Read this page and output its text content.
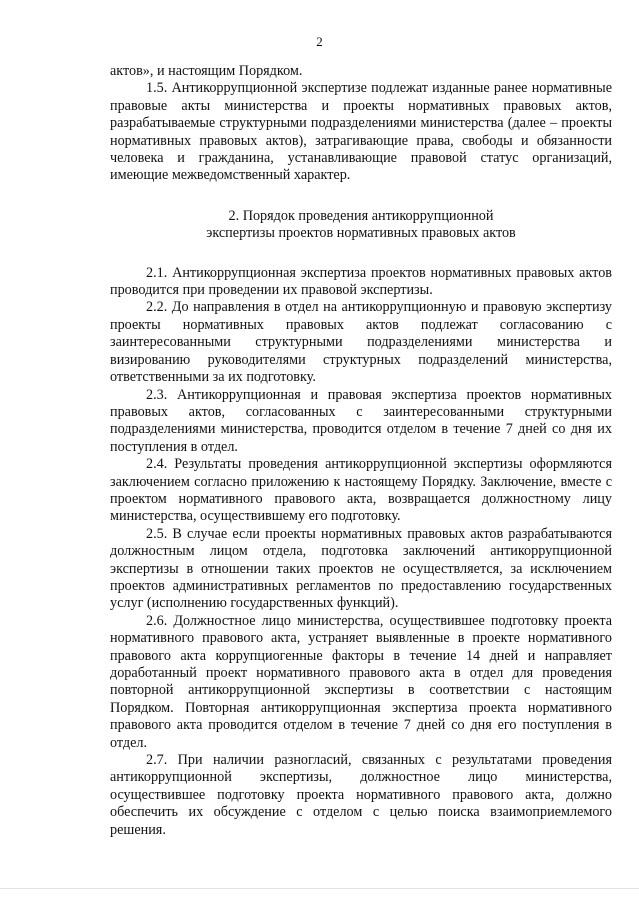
2

актов», и настоящим Порядком.

1.5. Антикоррупционной экспертизе подлежат изданные ранее нормативные правовые акты министерства и проекты нормативных правовых актов, разрабатываемые структурными подразделениями министерства (далее – проекты нормативных правовых актов), затрагивающие права, свободы и обязанности человека и гражданина, устанавливающие правовой статус организаций, имеющие межведомственный характер.

2. Порядок проведения антикоррупционной
экспертизы проектов нормативных правовых актов

2.1. Антикоррупционная экспертиза проектов нормативных правовых актов проводится при проведении их правовой экспертизы.

2.2. До направления в отдел на антикоррупционную и правовую экспертизу проекты нормативных правовых актов подлежат согласованию с заинтересованными структурными подразделениями министерства и визированию руководителями структурных подразделений министерства, ответственными за их подготовку.

2.3. Антикоррупционная и правовая экспертиза проектов нормативных правовых актов, согласованных с заинтересованными структурными подразделениями министерства, проводится отделом в течение 7 дней со дня их поступления в отдел.

2.4. Результаты проведения антикоррупционной экспертизы оформляются заключением согласно приложению к настоящему Порядку. Заключение, вместе с проектом нормативного правового акта, возвращается должностному лицу министерства, осуществившему его подготовку.

2.5. В случае если проекты нормативных правовых актов разрабатываются должностным лицом отдела, подготовка заключений антикоррупционной экспертизы в отношении таких проектов не осуществляется, за исключением проектов административных регламентов по предоставлению государственных услуг (исполнению государственных функций).

2.6. Должностное лицо министерства, осуществившее подготовку проекта нормативного правового акта, устраняет выявленные в проекте нормативного правового акта коррупциогенные факторы в течение 14 дней и направляет доработанный проект нормативного правового акта в отдел для проведения повторной антикоррупционной экспертизы в соответствии с настоящим Порядком. Повторная антикоррупционная экспертиза проекта нормативного правового акта проводится отделом в течение 7 дней со дня его поступления в отдел.

2.7. При наличии разногласий, связанных с результатами проведения антикоррупционной экспертизы, должностное лицо министерства, осуществившее подготовку проекта нормативного правового акта, должно обеспечить их обсуждение с отделом с целью поиска взаимоприемлемого решения.
